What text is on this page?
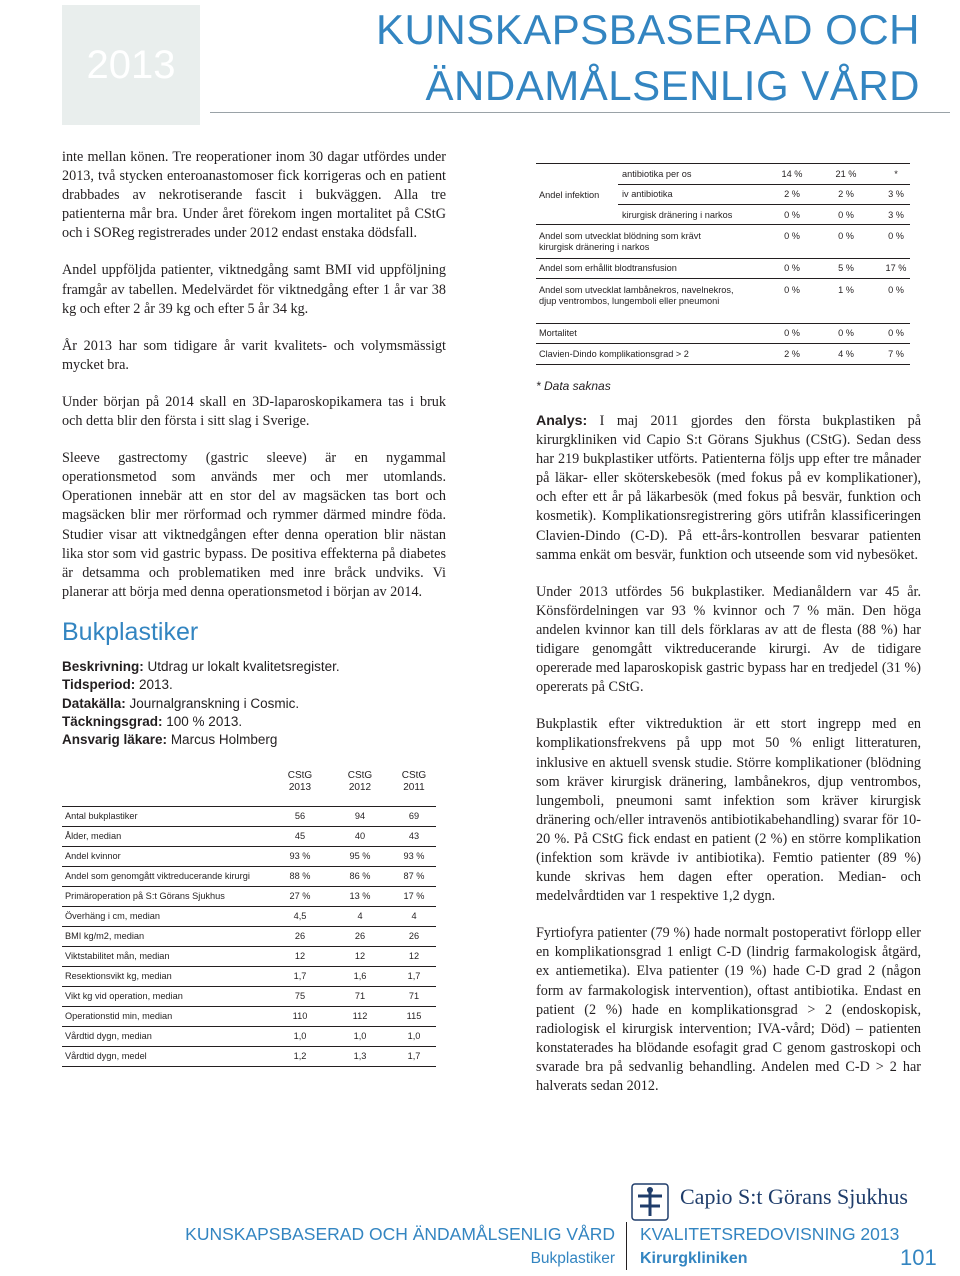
2013
KUNSKAPSBASERAD OCH
ÄNDAMÅLSENLIG VÅRD

inte mellan könen. Tre reoperationer inom 30 dagar utfördes under 2013, två stycken enteroanastomoser fick korrigeras och en patient drabbades av nekrotiserande fascit i bukväggen. Alla tre patienterna mår bra. Under året förekom ingen mortalitet på CStG och i SOReg registrerades under 2012 endast enstaka dödsfall.

Andel uppföljda patienter, viktnedgång samt BMI vid uppföljning framgår av tabellen. Medelvärdet för viktnedgång efter 1 år var 38 kg och efter 2 år 39 kg och efter 5 år 34 kg.

År 2013 har som tidigare år varit kvalitets- och volymsmässigt mycket bra.

Under början på 2014 skall en 3D-laparoskopikamera tas i bruk och detta blir den första i sitt slag i Sverige.

Sleeve gastrectomy (gastric sleeve) är en nygammal operationsmetod som används mer och mer utomlands. Operationen innebär att en stor del av magsäcken tas bort och magsäcken blir mer rörformad och rymmer därmed mindre föda. Studier visar att viktnedgången efter denna operation blir nästan lika stor som vid gastric bypass. De positiva effekterna på diabetes är detsamma och problematiken med inre bråck undviks. Vi planerar att börja med denna operationsmetod i början av 2014.

Bukplastiker
Beskrivning: Utdrag ur lokalt kvalitetsregister.
Tidsperiod: 2013.
Datakälla: Journalgranskning i Cosmic.
Täckningsgrad: 100 % 2013.
Ansvarig läkare: Marcus Holmberg
CStG
2013
CStG
2012
CStG
2011
Antal bukplastiker	56	94	69
Ålder, median	45	40	43
Andel kvinnor	93 %	95 %	93 %
Andel som genomgått viktreducerande kirurgi	88 %	86 %	87 %
Primäroperation på S:t Görans Sjukhus	27 %	13 %	17 %
Överhäng i cm, median	4,5	4	4
BMI kg/m2, median	26	26	26
Viktstabilitet mån, median	12	12	12
Resektionsvikt kg, median	1,7	1,6	1,7
Vikt kg vid operation, median	75	71	71
Operationstid min, median	110	112	115
Vårdtid dygn, median	1,0	1,0	1,0
Vårdtid dygn, medel	1,2	1,3	1,7
Andel infektion
antibiotika per os	14 %	21 %	*
iv antibiotika	2 %	2 %	3 %
kirurgisk dränering i narkos	0 %	0 %	3 %
Andel som utvecklat blödning som krävt kirurgisk dränering i narkos
0 %	0 %	0 %
Andel som erhållit blodtransfusion	0 %	5 %	17 %
Andel som utvecklat lambånekros, navelnekros, djup ventrombos, lungemboli eller pneumoni
0 %	1 %	0 %
Mortalitet	0 %	0 %	0 %
Clavien-Dindo komplikationsgrad > 2	2 %	4 %	7 %
* Data saknas

Analys: I maj 2011 gjordes den första bukplastiken på kirurgkliniken vid Capio S:t Görans Sjukhus (CStG). Sedan dess har 219 bukplastiker utförts. Patienterna följs upp efter tre månader på läkar- eller sköterskebesök (med fokus på ev komplikationer), och efter ett år på läkarbesök (med fokus på besvär, funktion och kosmetik). Komplikationsregistrering görs utifrån klassificeringen Clavien-Dindo (C-D). På ett-års-kontrollen besvarar patienten samma enkät om besvär, funktion och utseende som vid nybesöket.

Under 2013 utfördes 56 bukplastiker. Medianåldern var 45 år. Könsfördelningen var 93 % kvinnor och 7 % män. Den höga andelen kvinnor kan till dels förklaras av att de flesta (88 %) har tidigare genomgått viktreducerande kirurgi. Av de tidigare opererade med laparoskopisk gastric bypass har en tredjedel (31 %) opererats på CStG.

Bukplastik efter viktreduktion är ett stort ingrepp med en komplikationsfrekvens på upp mot 50 % enligt litteraturen, inklusive en aktuell svensk studie. Större komplikationer (blödning som kräver kirurgisk dränering, lambånekros, djup ventrombos, lungemboli, pneumoni samt infektion som kräver kirurgisk dränering och/eller intravenös antibiotikabehandling) svarar för 10-20 %. På CStG fick endast en patient (2 %) en större komplikation (infektion som krävde iv antibiotika). Femtio patienter (89 %) kunde skrivas hem dagen efter operation. Median- och medelvårdtiden var 1 respektive 1,2 dygn.

Fyrtiofyra patienter (79 %) hade normalt postoperativt förlopp eller en komplikationsgrad 1 enligt C-D (lindrig farmakologisk åtgärd, ex antiemetika). Elva patienter (19 %) hade C-D grad 2 (någon form av farmakologisk intervention), oftast antibiotika. Endast en patient (2 %) hade en komplikationsgrad > 2 (endoskopisk, radiologisk el kirurgisk intervention; IVA-vård; Död) – patienten konstaterades ha blödande esofagit grad C genom gastroskopi och svarade bra på sedvanlig behandling. Andelen med C-D > 2 har halverats sedan 2012.

Capio S:t Görans Sjukhus
KUNSKAPSBASERAD OCH ÄNDAMÅLSENLIG VÅRD
Bukplastiker
KVALITETSREDOVISNING 2013
Kirurgkliniken	101
